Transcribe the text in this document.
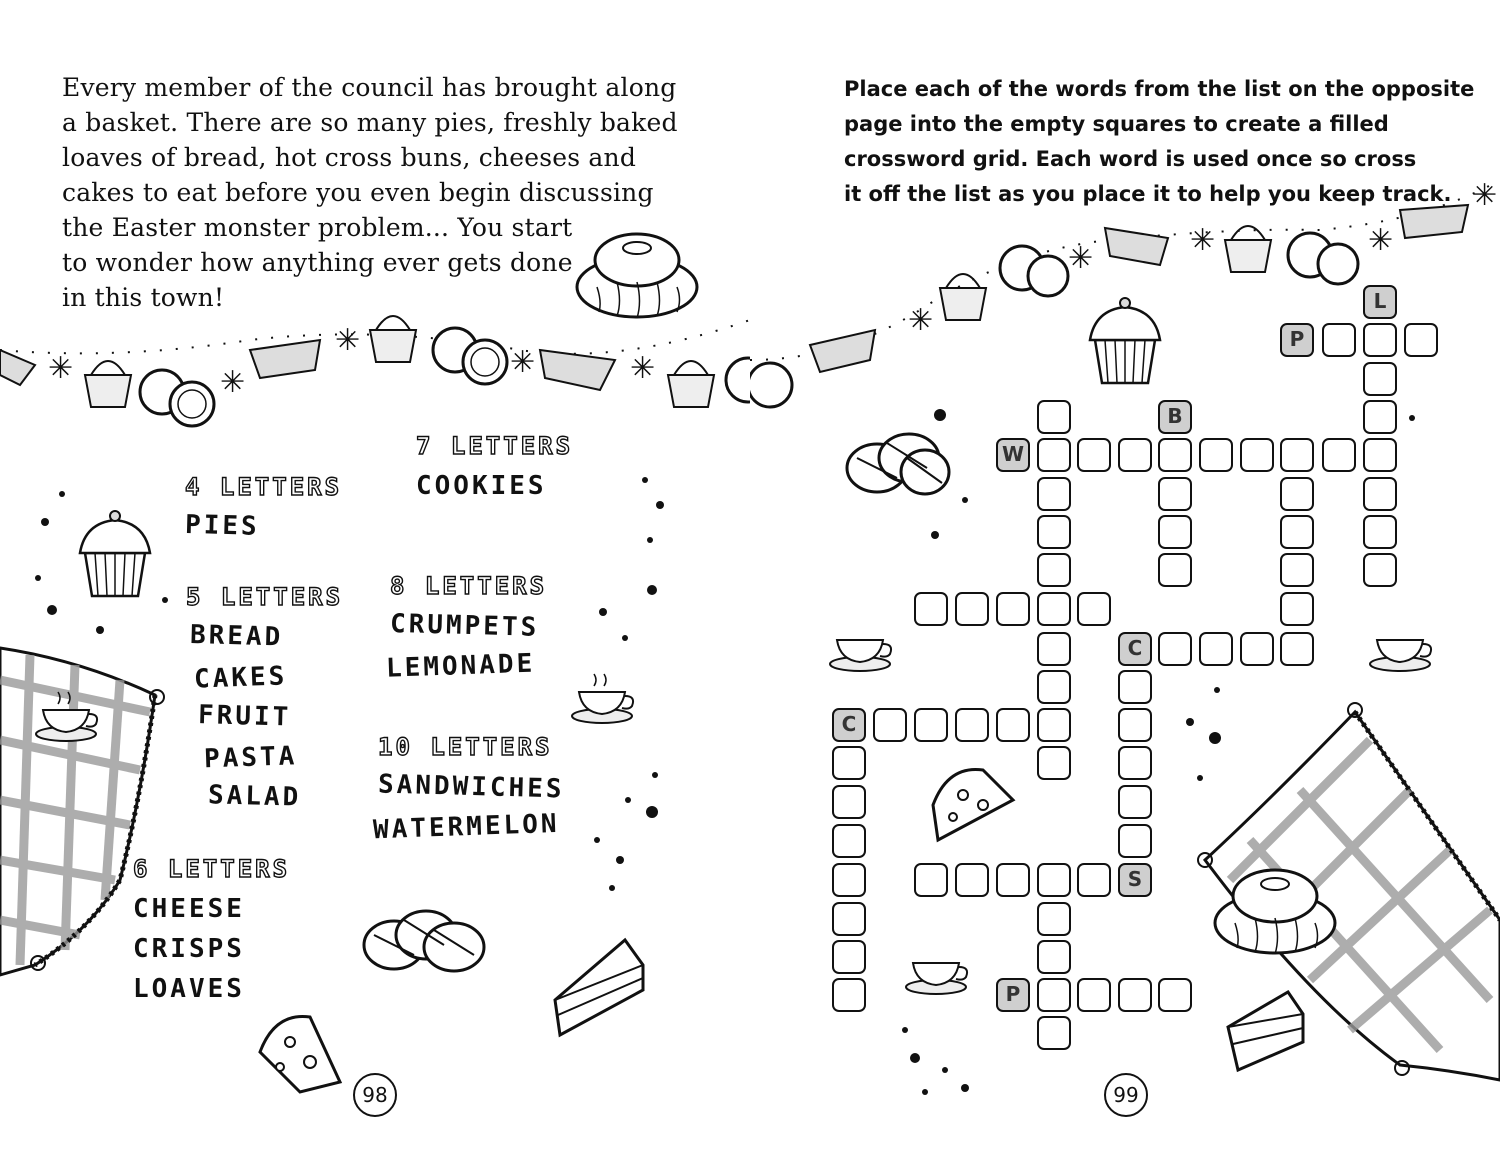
✳	✳
✳
✳	✳

Every member of the council has brought along
a basket. There are so many pies, freshly baked
loaves of bread, hot cross buns, cheeses and
cakes to eat before you even begin discussing
the Easter monster problem... You start
to wonder how anything ever gets done
in this town!

4 LETTERS
PIES
5 LETTERS
BREAD
CAKES
FRUIT
PASTA
SALAD
6 LETTERS
CHEESE
CRISPS
LOAVES
7 LETTERS
COOKIES
8 LETTERS
CRUMPETS
LEMONADE
10 LETTERS
SANDWICHES
WATERMELON
98
✳
✳
✳	✳
✳

Place each of the words from the list on the opposite
page into the empty squares to create a filled
crossword grid. Each word is used once so cross
it off the list as you place it to help you keep track.

L
P
B
W
C
C
S
P
99
